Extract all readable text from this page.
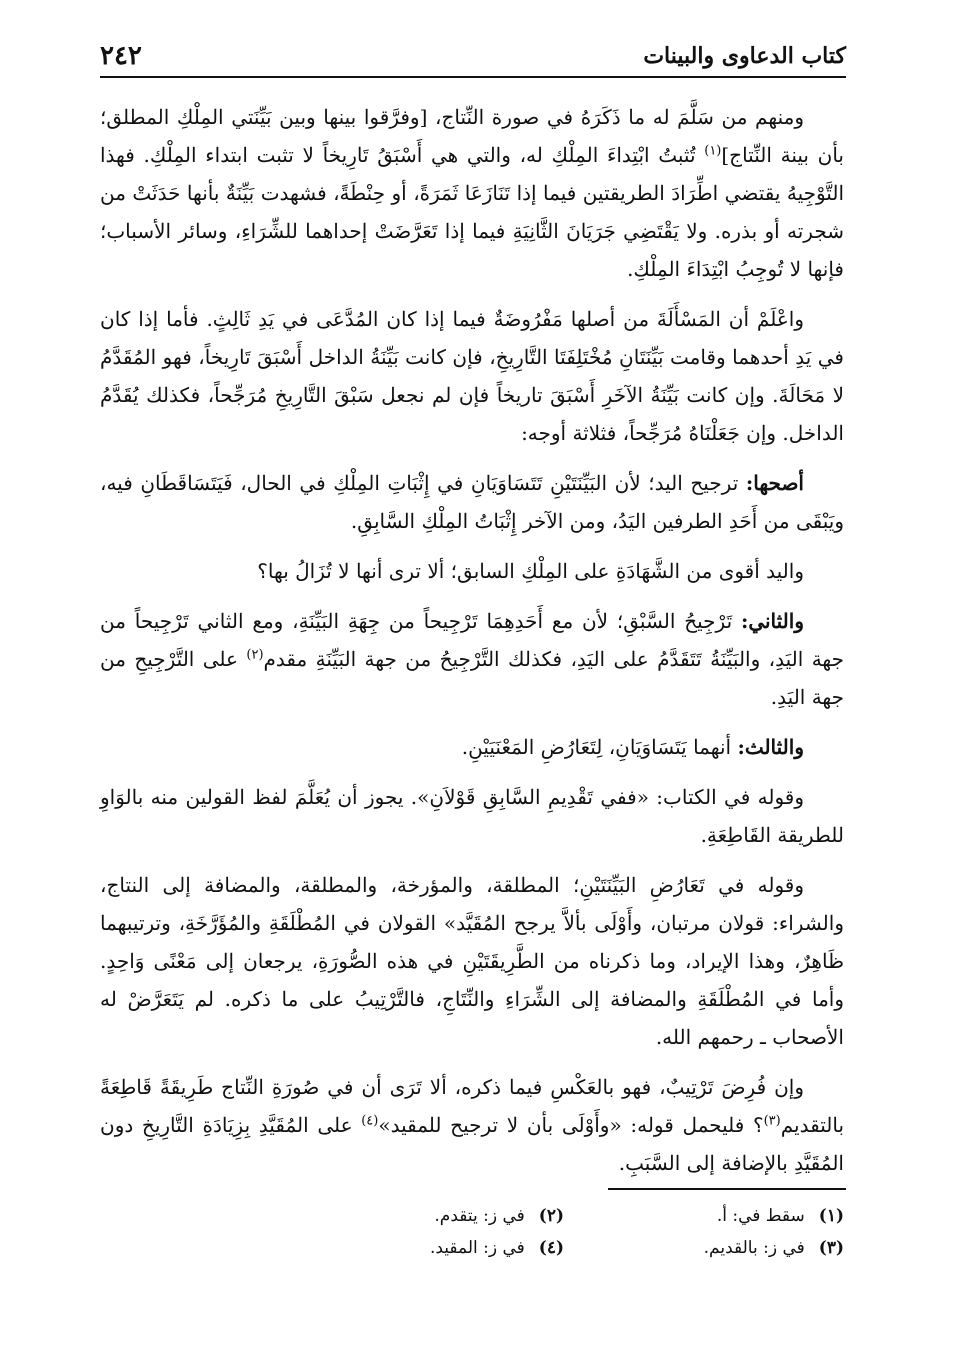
كتاب الدعاوى والبينات
٢٤٢

ومنهم من سَلَّمَ له ما ذَكَرَهُ في صورة النِّتاج، [وفرَّقوا بينها وبين بَيِّنَتي المِلْكِ المطلق؛ بأن بينة النِّتاج]$^{(١)}$ تُثبتُ ابْتِداءَ المِلْكِ له، والتي هي أَسْبَقُ تَارِيخاً لا تثبت ابتداء المِلْكِ. فهذا التَّوْجِيهُ يقتضي اطِّرَادَ الطريقتين فيما إذا تَنَازَعَا ثَمَرَةً، أو حِنْطَةً، فشهدت بَيِّنَةٌ بأنها حَدَثَتْ من شجرته أو بذره. ولا يَقْتَضِي جَرَيَانَ الثَّانِيَةِ فيما إذا تَعَرَّضَتْ إحداهما للشِّرَاءِ، وسائر الأسباب؛ فإنها لا تُوجِبُ ابْتِدَاءَ المِلْكِ.

واعْلَمْ أن المَسْأَلَةَ من أصلها مَفْرُوضَةٌ فيما إذا كان المُدَّعَى في يَدِ ثَالِثٍ. فأما إذا كان في يَدِ أحدهما وقامت بَيِّنَتَانِ مُخْتَلِفَتَا التَّارِيخِ، فإن كانت بَيِّنَةُ الداخل أَسْبَقَ تَارِيخاً، فهو المُقَدَّمُ لا مَحَالَةَ. وإن كانت بَيِّنَةُ الآخَرِ أَسْبَقَ تاريخاً فإن لم نجعل سَبْقَ التَّارِيخِ مُرَجِّحاً، فكذلك يُقَدَّمُ الداخل. وإن جَعَلْنَاهُ مُرَجِّحاً، فثلاثة أوجه:

أصحها: ترجيح اليد؛ لأن البَيِّنَتَيْنِ تَتَسَاوَيَانِ في إِثْبَاتِ المِلْكِ في الحال، فَيَتَسَاقَطَانِ فيه، ويَبْقَى من أَحَدِ الطرفين اليَدُ، ومن الآخر إِثْبَاتُ المِلْكِ السَّابِقِ.

واليد أقوى من الشَّهَادَةِ على المِلْكِ السابق؛ ألا ترى أنها لا تُزَالُ بها؟

والثاني: تَرْجِيحُ السَّبْقِ؛ لأن مع أَحَدِهِمَا تَرْجِيحاً من جِهَةِ البَيِّنَةِ، ومع الثاني تَرْجِيحاً من جهة اليَدِ، والبَيِّنَةُ تَتَقَدَّمُ على اليَدِ، فكذلك التَّرْجِيحُ من جهة البَيِّنَةِ مقدم$^{(٢)}$ على التَّرْجِيحِ من جهة اليَدِ.

والثالث: أنهما يَتَسَاوَيَانِ، لِتَعَارُضِ المَعْنَيَيْنِ.

وقوله في الكتاب: «ففي تَقْدِيمِ السَّابِقِ قَوْلاَنِ». يجوز أن يُعَلَّمَ لفظ القولين منه بالوَاوِ للطريقة القَاطِعَةِ.

وقوله في تَعَارُضِ البَيِّنَتَيْنِ؛ المطلقة، والمؤرخة، والمطلقة، والمضافة إلى النتاج، والشراء: قولان مرتبان، وأَوْلَى بألاَّ يرجح المُقَيَّد» القولان في المُطْلَقَةِ والمُؤَرَّخَةِ، وترتيبهما ظَاهِرٌ، وهذا الإيراد، وما ذكرناه من الطَّرِيقَتَيْنِ في هذه الصُّورَةِ، يرجعان إلى مَعْنًى وَاحِدٍ. وأما في المُطْلَقَةِ والمضافة إلى الشِّرَاءِ والنِّتَاجِ، فالتَّرْتِيبُ على ما ذكره. لم يَتَعَرَّضْ له الأصحاب ـ رحمهم الله.

وإن فُرِضَ تَرْتِيبٌ، فهو بالعَكْسِ فيما ذكره، ألا تَرَى أن في صُورَةِ النِّتاج طَرِيقَةً قَاطِعَةً بالتقديم$^{(٣)}$؟ فليحمل قوله: «وأَوْلَى بأن لا ترجيح للمقيد»$^{(٤)}$ على المُقَيَّدِ بِزِيَادَةِ التَّارِيخِ دون المُقَيَّدِ بالإضافة إلى السَّبَبِ.

(١)سقط في: أ.
(٢)في ز: يتقدم.
(٣)في ز: بالقديم.
(٤)في ز: المقيد.
